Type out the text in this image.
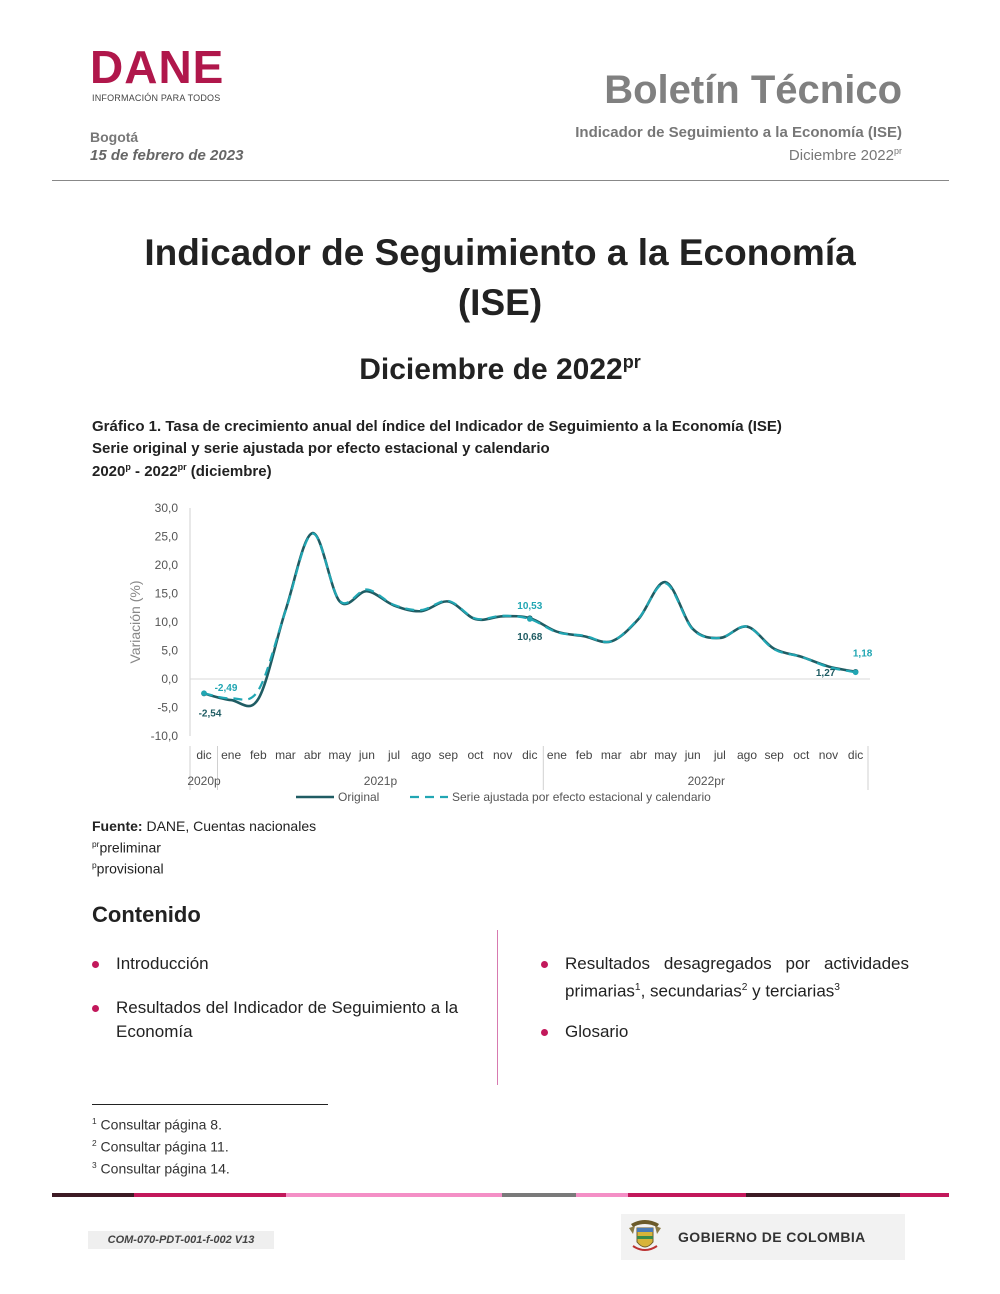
DANE
INFORMACIÓN PARA TODOS
Bogotá
15 de febrero de 2023
Boletín Técnico
Indicador de Seguimiento a la Economía (ISE)
Diciembre $2022^{pr}$
Indicador de Seguimiento a la Economía
(ISE)
Diciembre de $2022^{pr}$
Gráfico 1. Tasa de crecimiento anual del índice del Indicador de Seguimiento a la Economía (ISE)
Serie original y serie ajustada por efecto estacional y calendario
$2020^p - 2022^{pr}$ (diciembre)
30,0
25,0
20,0
15,0
10,0
5,0
0,0
-5,0
-10,0
Variación (%)
dic ene feb mar abr may jun jul ago sep oct nov dic ene feb mar abr may jun jul ago sep oct nov dic
2020p	2021p	2022pr
-2,54
-2,49
10,68
10,53
1,27
1,18
Original	Serie ajustada por efecto estacional y calendario
Fuente: DANE, Cuentas nacionales
$^{pr}$preliminar
$^p$provisional
Contenido
Introducción
Resultados del Indicador de Seguimiento a la
Economía
Resultados desagregados por actividades
primarias$^1$, secundarias$^2$ y terciarias$^3$
Glosario
$^1$ Consultar página 8.
$^2$ Consultar página 11.
$^3$ Consultar página 14.
COM-070-PDT-001-f-002 V13	GOBIERNO DE COLOMBIA
